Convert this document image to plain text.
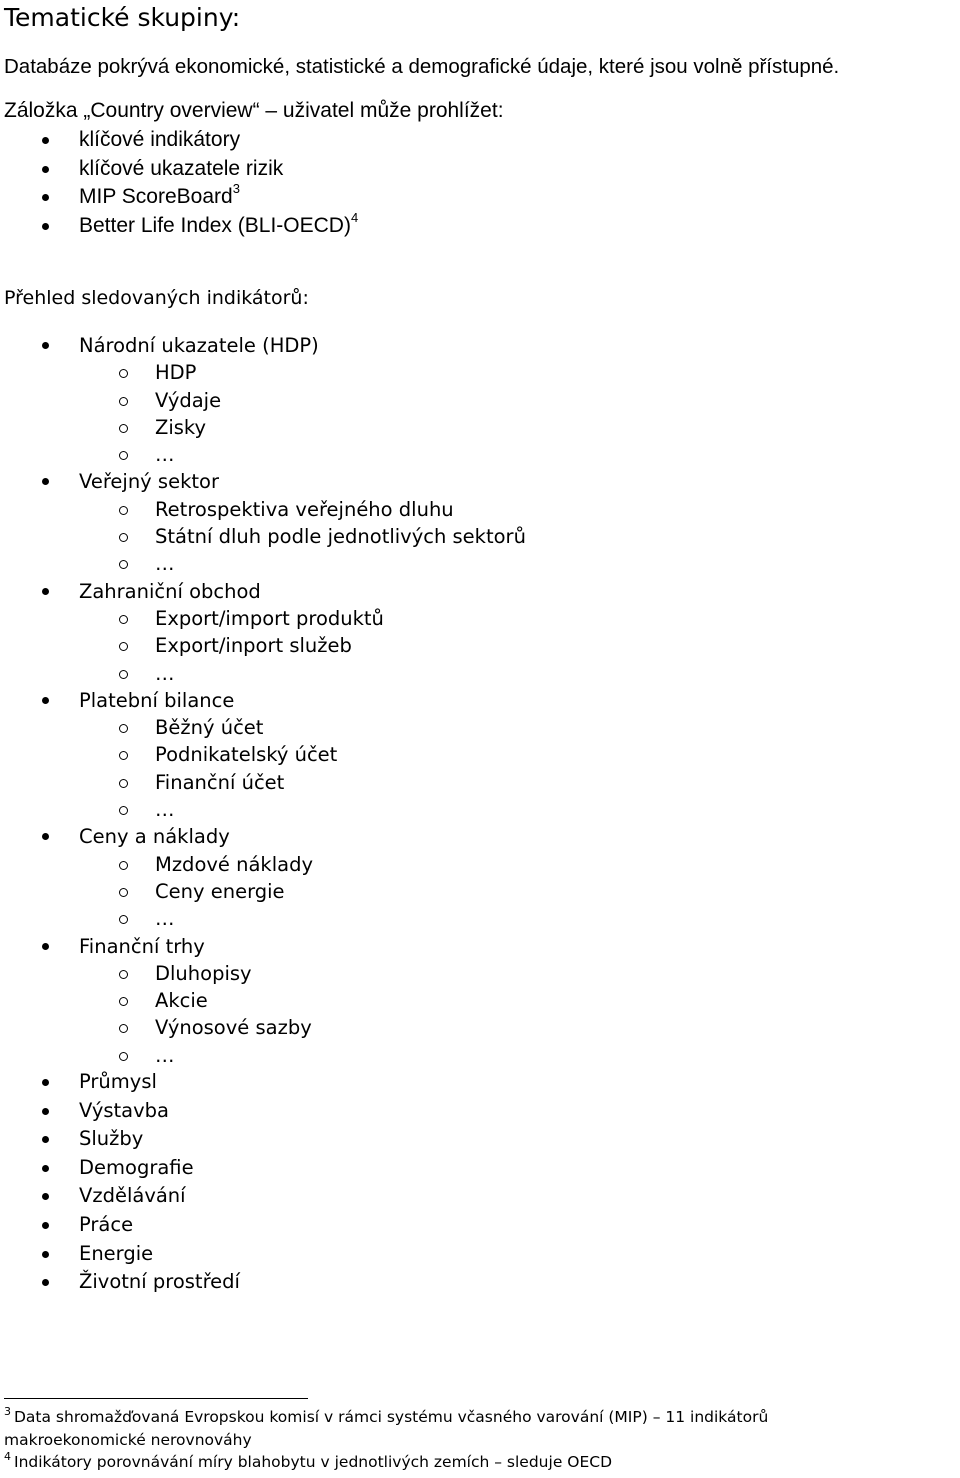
Tematické skupiny:
Databáze pokrývá ekonomické, statistické a demografické údaje, které jsou volně přístupné.
Záložka „Country overview“ – uživatel může prohlížet:
klíčové indikátory
klíčové ukazatele rizik
MIP ScoreBoard$^3$
Better Life Index (BLI-OECD)$^4$
Přehled sledovaných indikátorů:
Národní ukazatele (HDP)
HDP
Výdaje
Zisky
…
Veřejný sektor
Retrospektiva veřejného dluhu
Státní dluh podle jednotlivých sektorů
…
Zahraniční obchod
Export/import produktů
Export/inport služeb
…
Platební bilance
Běžný účet
Podnikatelský účet
Finanční účet
…
Ceny a náklady
Mzdové náklady
Ceny energie
…
Finanční trhy
Dluhopisy
Akcie
Výnosové sazby
…
Průmysl
Výstavba
Služby
Demografie
Vzdělávání
Práce
Energie
Životní prostředí
$^3$ Data shromažďovaná Evropskou komisí v rámci systému včasného varování (MIP) – 11 indikátorů
makroekonomické nerovnováhy
$^4$ Indikátory porovnávání míry blahobytu v jednotlivých zemích – sleduje OECD
